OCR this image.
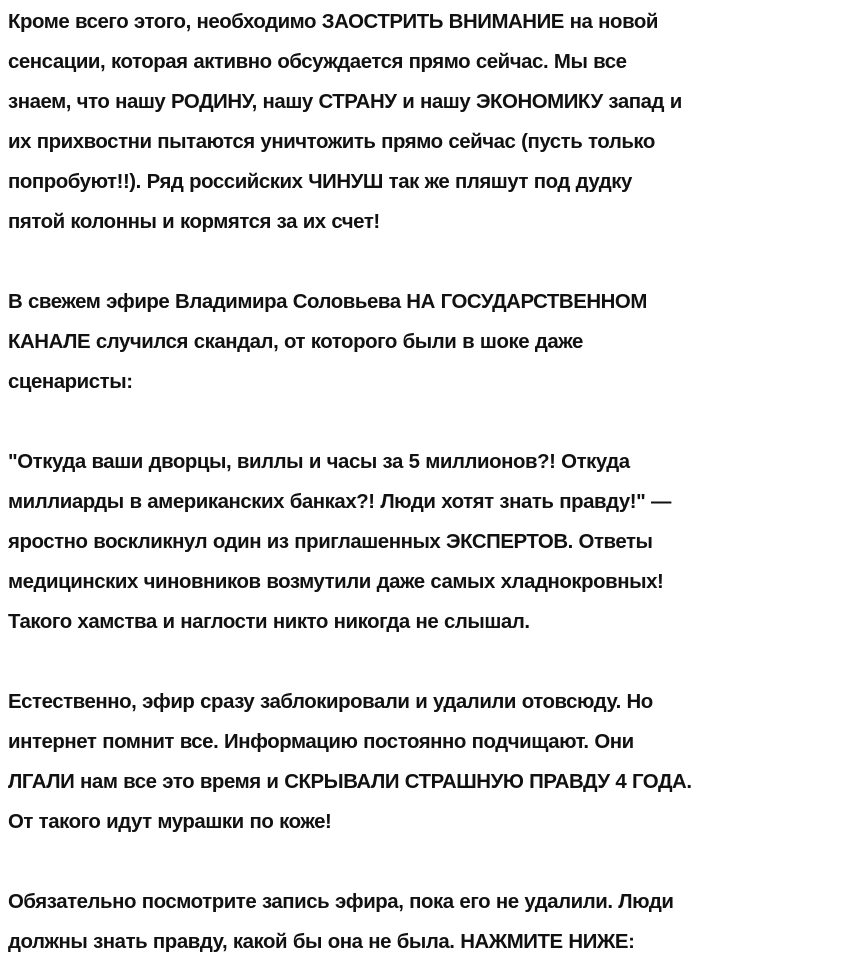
Кроме всего этого, необходимо ЗАОСТРИТЬ ВНИМАНИЕ на новой
сенсации, которая активно обсуждается прямо сейчас. Мы все
знаем, что нашу РОДИНУ, нашу СТРАНУ и нашу ЭКОНОМИКУ запад и
их прихвостни пытаются уничтожить прямо сейчас (пусть только
попробуют!!). Ряд российских ЧИНУШ так же пляшут под дудку
пятой колонны и кормятся за их счет!

В свежем эфире Владимира Соловьева НА ГОСУДАРСТВЕННОМ
КАНАЛЕ случился скандал, от которого были в шоке даже
сценаристы:

"Откуда ваши дворцы, виллы и часы за 5 миллионов?! Откуда
миллиарды в американских банках?! Люди хотят знать правду!" —
яростно воскликнул один из приглашенных ЭКСПЕРТОВ. Ответы
медицинских чиновников возмутили даже самых хладнокровных!
Такого хамства и наглости никто никогда не слышал.

Естественно, эфир сразу заблокировали и удалили отовсюду. Но
интернет помнит все. Информацию постоянно подчищают. Они
ЛГАЛИ нам все это время и СКРЫВАЛИ СТРАШНУЮ ПРАВДУ 4 ГОДА.
От такого идут мурашки по коже!

Обязательно посмотрите запись эфира, пока его не удалили. Люди
должны знать правду, какой бы она не была. НАЖМИТЕ НИЖЕ:
